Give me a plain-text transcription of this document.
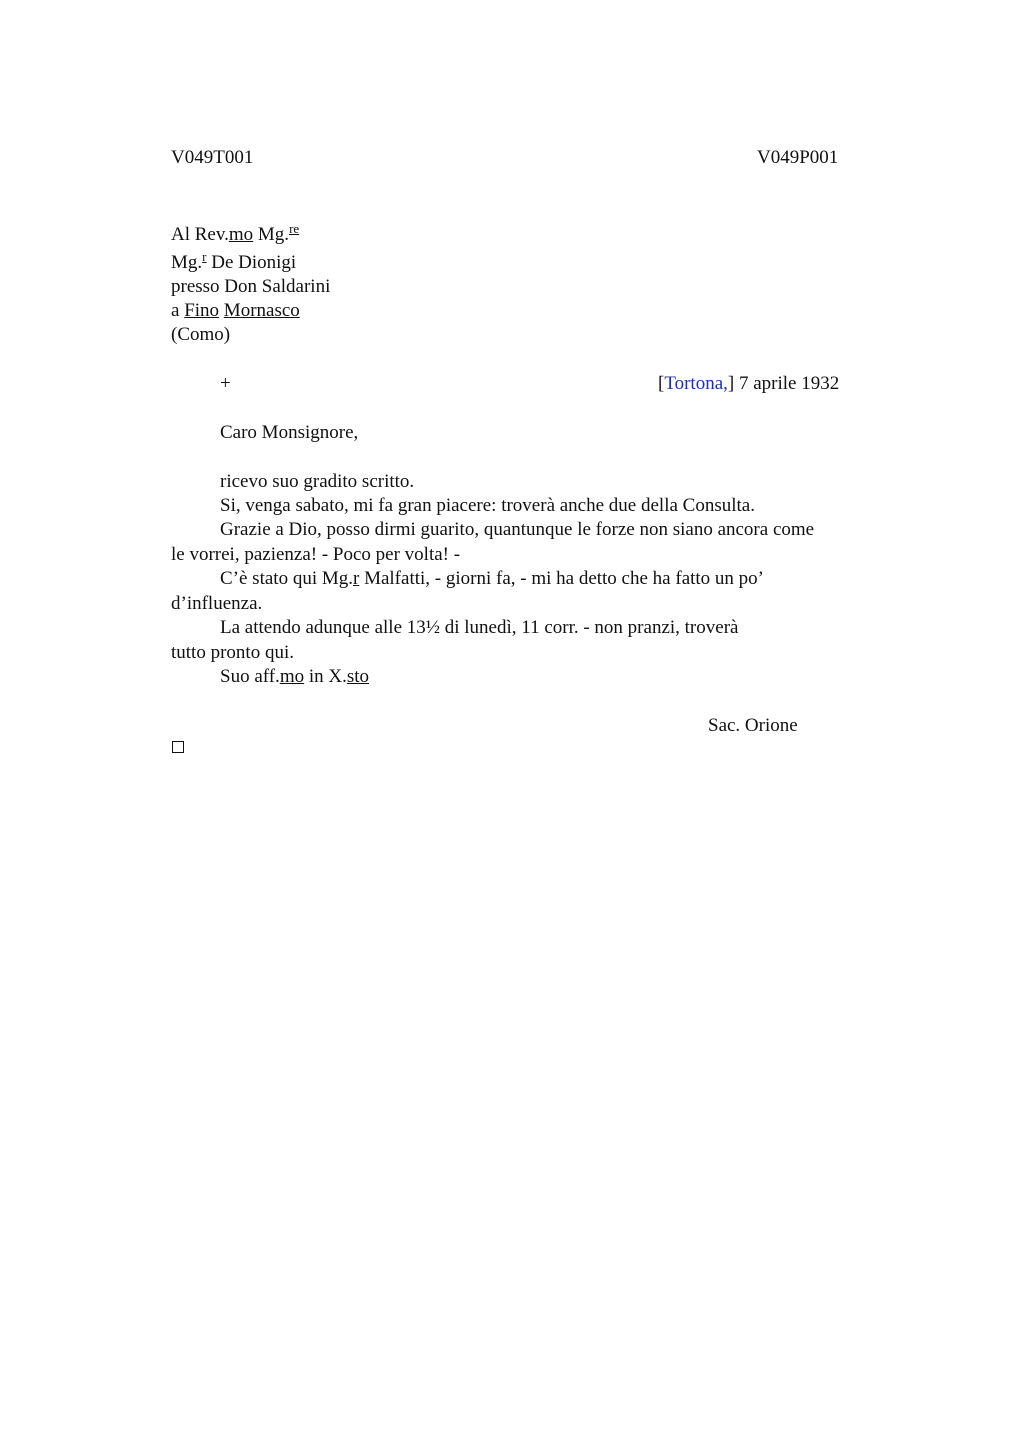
V049T001	V049P001
Al Rev.mo Mg.$^{re}$
Mg.$^r$ De Dionigi
presso Don Saldarini
a Fino Mornasco
(Como)
+	[Tortona,] 7 aprile 1932
Caro Monsignore,
ricevo suo gradito scritto.
Si, venga sabato, mi fa gran piacere: troverà anche due della Consulta.
Grazie a Dio, posso dirmi guarito, quantunque le forze non siano ancora come le vorrei, pazienza! - Poco per volta! -
C’è stato qui Mg.r Malfatti, - giorni fa, - mi ha detto che ha fatto un po’ d’influenza.
La attendo adunque alle 13½ di lunedì, 11 corr. - non pranzi, troverà tutto pronto qui.
Suo aff.mo in X.sto
Sac. Orione
